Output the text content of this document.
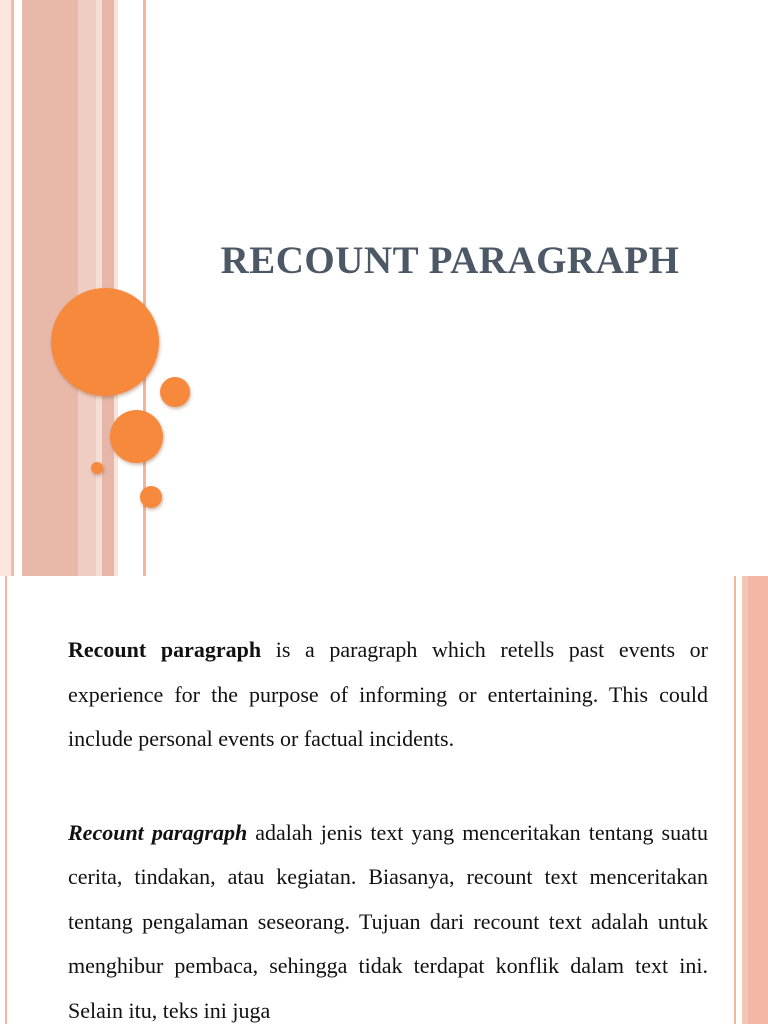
RECOUNT PARAGRAPH

Recount paragraph is a paragraph which retells past events or experience for the purpose of informing or entertaining. This could include personal events or factual incidents.

Recount paragraph adalah jenis text yang menceritakan tentang suatu cerita, tindakan, atau kegiatan. Biasanya, recount text menceritakan tentang pengalaman seseorang. Tujuan dari recount text adalah untuk menghibur pembaca, sehingga tidak terdapat konflik dalam text ini. Selain itu, teks ini juga
